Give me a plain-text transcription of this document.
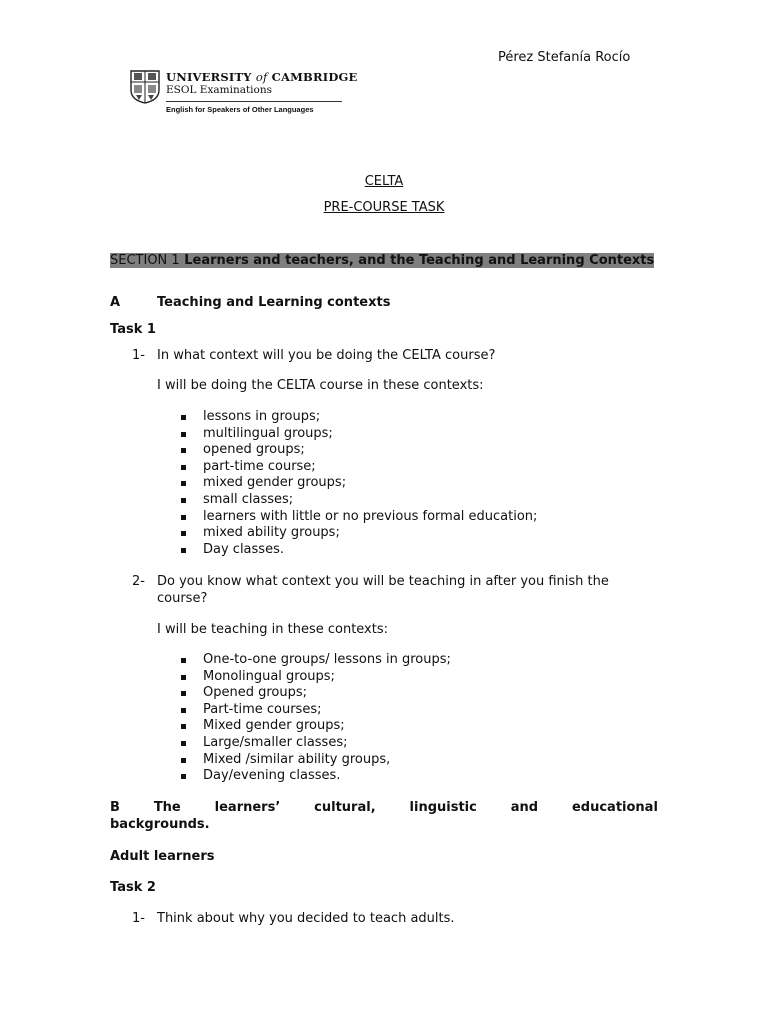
Pérez Stefanía Rocío
UNIVERSITY of CAMBRIDGE
ESOL Examinations
English for Speakers of Other Languages
CELTA
PRE-COURSE TASK
SECTION 1 Learners and teachers, and the Teaching and Learning Contexts
A	Teaching and Learning contexts
Task 1
1- In what context will you be doing the CELTA course?
I will be doing the CELTA course in these contexts:
lessons in groups;
multilingual groups;
opened groups;
part-time course;
mixed gender groups;
small classes;
learners with little or no previous formal education;
mixed ability groups;
Day classes.
2- Do you know what context you will be teaching in after you finish the
course?
I will be teaching in these contexts:
One-to-one groups/ lessons in groups;
Monolingual groups;
Opened groups;
Part-time courses;
Mixed gender groups;
Large/smaller classes;
Mixed /similar ability groups,
Day/evening classes.
B	The	learners’	cultural,	linguistic	and	educational
backgrounds.
Adult learners
Task 2
1- Think about why you decided to teach adults.
